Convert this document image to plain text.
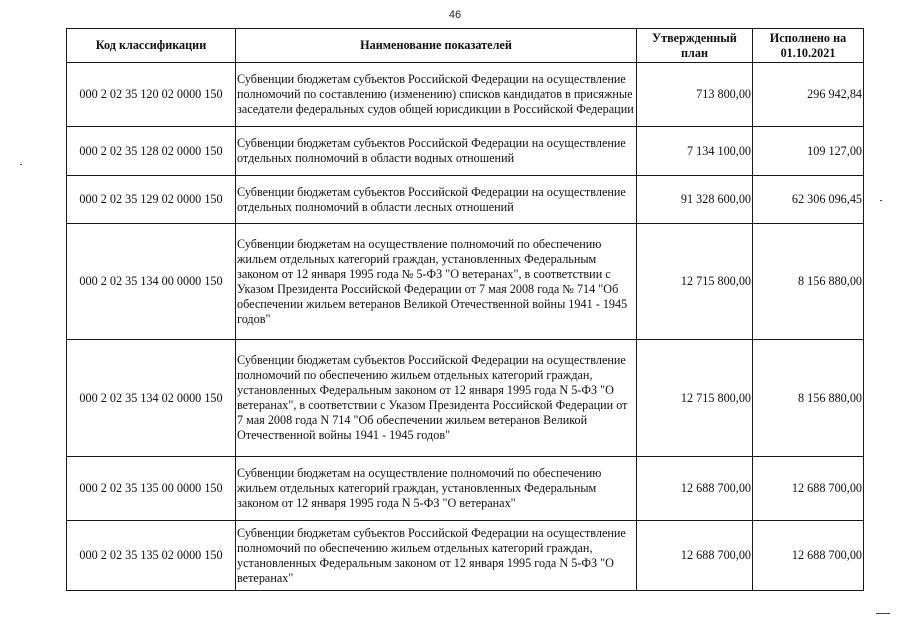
46
Код классификации	Наименование показателей	Утвержденный план	Исполнено на 01.10.2021
000 2 02 35 120 02 0000 150	Субвенции бюджетам субъектов Российской Федерации на осуществление полномочий по составлению (изменению) списков кандидатов в присяжные заседатели федеральных судов общей юрисдикции в Российской Федерации	713 800,00	296 942,84
000 2 02 35 128 02 0000 150	Субвенции бюджетам субъектов Российской Федерации на осуществление отдельных полномочий в области водных отношений	7 134 100,00	109 127,00
000 2 02 35 129 02 0000 150	Субвенции бюджетам субъектов Российской Федерации на осуществление отдельных полномочий в области лесных отношений	91 328 600,00	62 306 096,45
000 2 02 35 134 00 0000 150	Субвенции бюджетам на осуществление полномочий по обеспечению жильем отдельных категорий граждан, установленных Федеральным законом от 12 января 1995 года № 5-ФЗ "О ветеранах", в соответствии с Указом Президента Российской Федерации от 7 мая 2008 года № 714 "Об обеспечении жильем ветеранов Великой Отечественной войны 1941 - 1945 годов"	12 715 800,00	8 156 880,00
000 2 02 35 134 02 0000 150	Субвенции бюджетам субъектов Российской Федерации на осуществление полномочий по обеспечению жильем отдельных категорий граждан, установленных Федеральным законом от 12 января 1995 года N 5-ФЗ "О ветеранах", в соответствии с Указом Президента Российской Федерации от 7 мая 2008 года N 714 "Об обеспечении жильем ветеранов Великой Отечественной войны 1941 - 1945 годов"	12 715 800,00	8 156 880,00
000 2 02 35 135 00 0000 150	Субвенции бюджетам на осуществление полномочий по обеспечению жильем отдельных категорий граждан, установленных Федеральным законом от 12 января 1995 года N 5-ФЗ "О ветеранах"	12 688 700,00	12 688 700,00
000 2 02 35 135 02 0000 150	Субвенции бюджетам субъектов Российской Федерации на осуществление полномочий по обеспечению жильем отдельных категорий граждан, установленных Федеральным законом от 12 января 1995 года N 5-ФЗ "О ветеранах"	12 688 700,00	12 688 700,00
